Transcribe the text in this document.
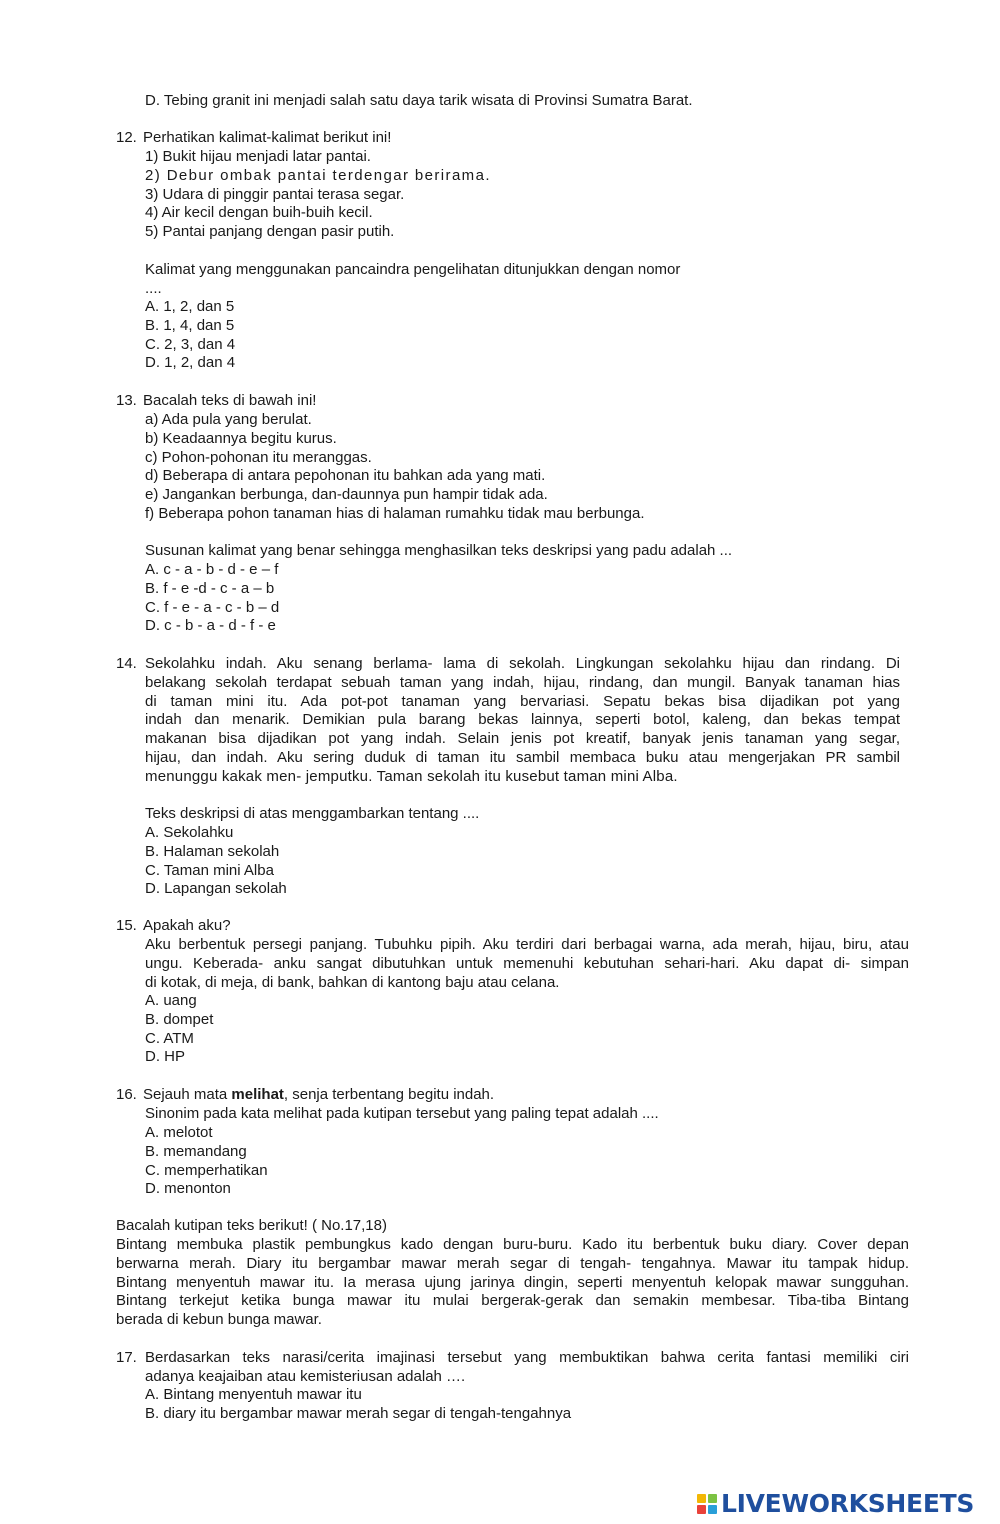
D. Tebing granit ini menjadi salah satu daya tarik wisata di Provinsi Sumatra Barat.
12. Perhatikan kalimat-kalimat berikut ini!
1) Bukit hijau menjadi latar pantai.
2) Debur ombak pantai terdengar berirama.
3) Udara di pinggir pantai terasa segar.
4) Air kecil dengan buih-buih kecil.
5) Pantai panjang dengan pasir putih.
Kalimat yang menggunakan pancaindra pengelihatan ditunjukkan dengan nomor
....
A. 1, 2, dan 5
B. 1, 4, dan 5
C. 2, 3, dan 4
D. 1, 2, dan 4
13. Bacalah teks di bawah ini!
a) Ada pula yang berulat.
b) Keadaannya begitu kurus.
c) Pohon-pohonan itu meranggas.
d) Beberapa di antara pepohonan itu bahkan ada yang mati.
e) Jangankan berbunga, dan-daunnya pun hampir tidak ada.
f) Beberapa pohon tanaman hias di halaman rumahku tidak mau berbunga.
Susunan kalimat yang benar sehingga menghasilkan teks deskripsi yang padu adalah ...
A. c - a - b - d - e – f
B. f - e -d - c - a – b
C. f - e - a - c - b – d
D. c - b - a - d - f - e
14. Sekolahku indah. Aku senang berlama- lama di sekolah. Lingkungan sekolahku hijau dan rindang. Di
belakang sekolah terdapat sebuah taman yang indah, hijau, rindang, dan mungil. Banyak tanaman hias
di taman mini itu. Ada pot-pot tanaman yang bervariasi. Sepatu bekas bisa dijadikan pot yang
indah dan menarik. Demikian pula barang bekas lainnya, seperti botol, kaleng, dan bekas tempat
makanan bisa dijadikan pot yang indah. Selain jenis pot kreatif, banyak jenis tanaman yang segar,
hijau, dan indah. Aku sering duduk di taman itu sambil membaca buku atau mengerjakan PR sambil
menunggu kakak men- jemputku. Taman sekolah itu kusebut taman mini Alba.
Teks deskripsi di atas menggambarkan tentang ....
A. Sekolahku
B. Halaman sekolah
C. Taman mini Alba
D. Lapangan sekolah
15. Apakah aku?
Aku berbentuk persegi panjang. Tubuhku pipih. Aku terdiri dari berbagai warna, ada merah, hijau, biru, atau
ungu. Keberada- anku sangat dibutuhkan untuk memenuhi kebutuhan sehari-hari. Aku dapat di- simpan
di kotak, di meja, di bank, bahkan di kantong baju atau celana.
A. uang
B. dompet
C. ATM
D. HP
16. Sejauh mata melihat, senja terbentang begitu indah.
Sinonim pada kata melihat pada kutipan tersebut yang paling tepat adalah ....
A. melotot
B. memandang
C. memperhatikan
D. menonton
Bacalah kutipan teks berikut! ( No.17,18)
Bintang membuka plastik pembungkus kado dengan buru-buru. Kado itu berbentuk buku diary. Cover depan
berwarna merah. Diary itu bergambar mawar merah segar di tengah- tengahnya. Mawar itu tampak hidup.
Bintang menyentuh mawar itu. Ia merasa ujung jarinya dingin, seperti menyentuh kelopak mawar sungguhan.
Bintang terkejut ketika bunga mawar itu mulai bergerak-gerak dan semakin membesar. Tiba-tiba Bintang
berada di kebun bunga mawar.
17. Berdasarkan teks narasi/cerita imajinasi tersebut yang membuktikan bahwa cerita fantasi memiliki ciri
adanya keajaiban atau kemisteriusan adalah ….
A. Bintang menyentuh mawar itu
B. diary itu bergambar mawar merah segar di tengah-tengahnya
LIVEWORKSHEETS
